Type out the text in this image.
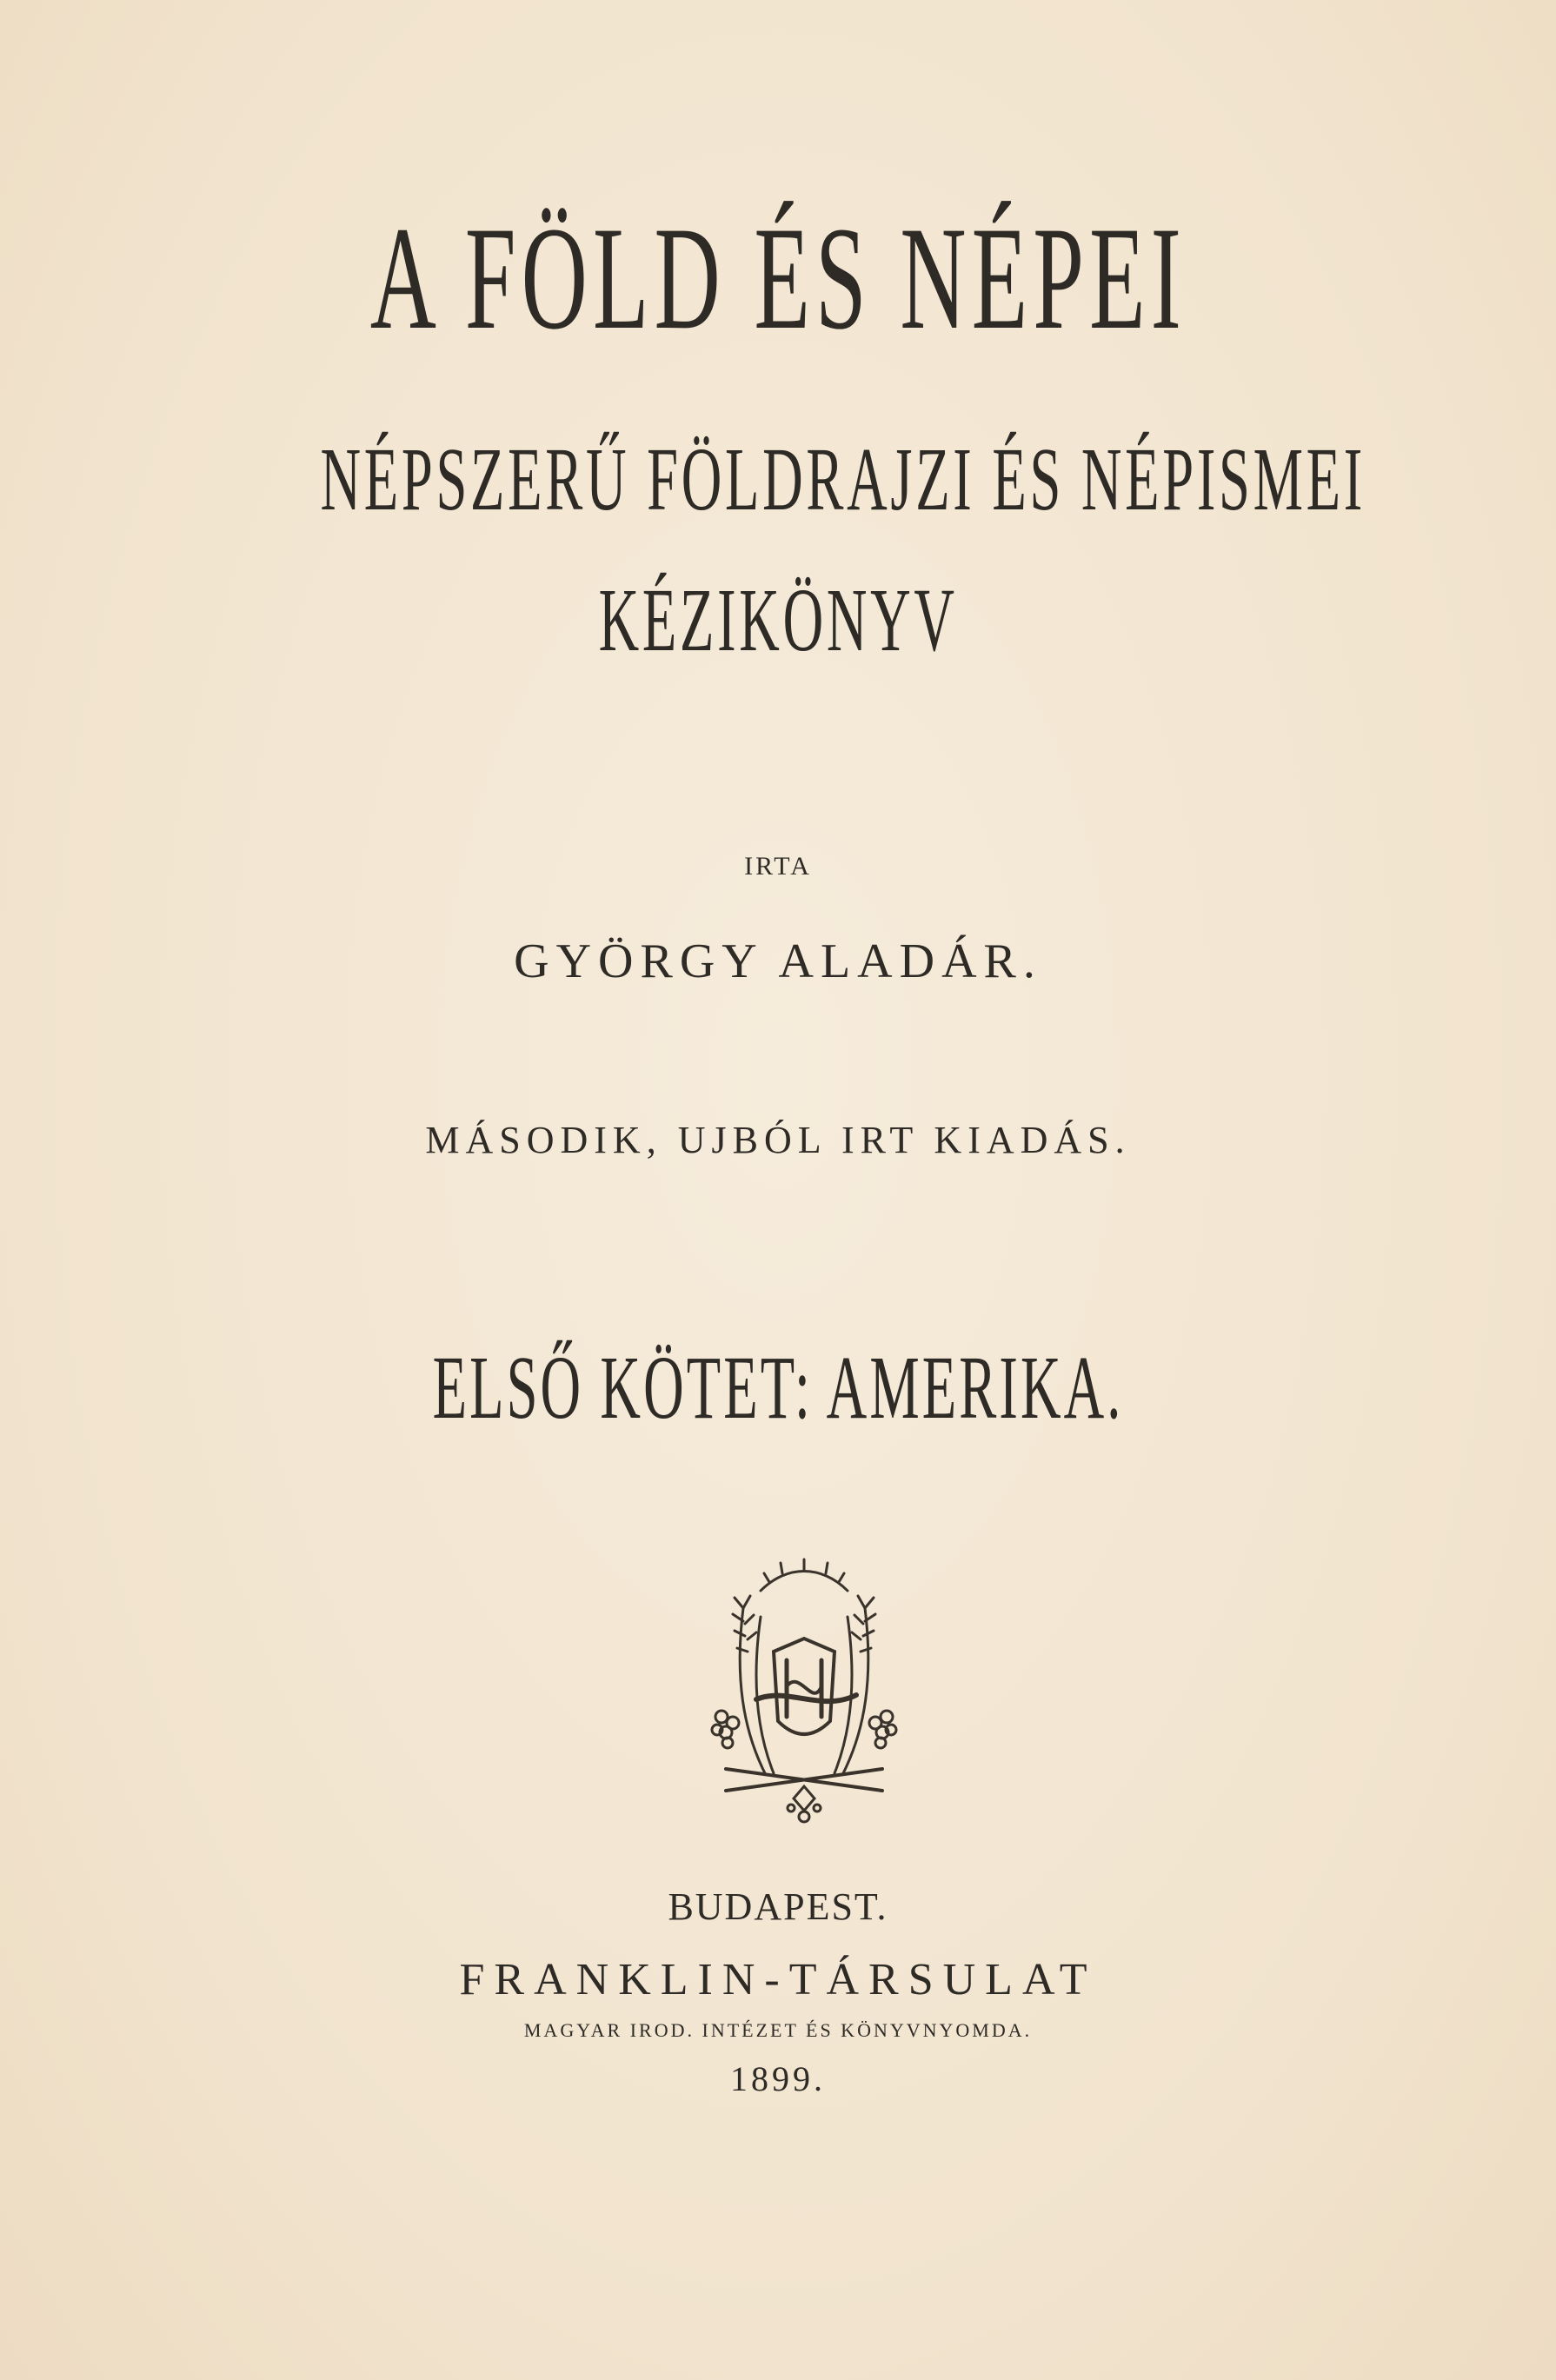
A FÖLD ÉS NÉPEI
NÉPSZERŰ FÖLDRAJZI ÉS NÉPISMEI
KÉZIKÖNYV
IRTA
GYÖRGY ALADÁR.
MÁSODIK, UJBÓL IRT KIADÁS.
ELSŐ KÖTET: AMERIKA.
BUDAPEST.
FRANKLIN-TÁRSULAT
MAGYAR IROD. INTÉZET ÉS KÖNYVNYOMDA.
1899.
